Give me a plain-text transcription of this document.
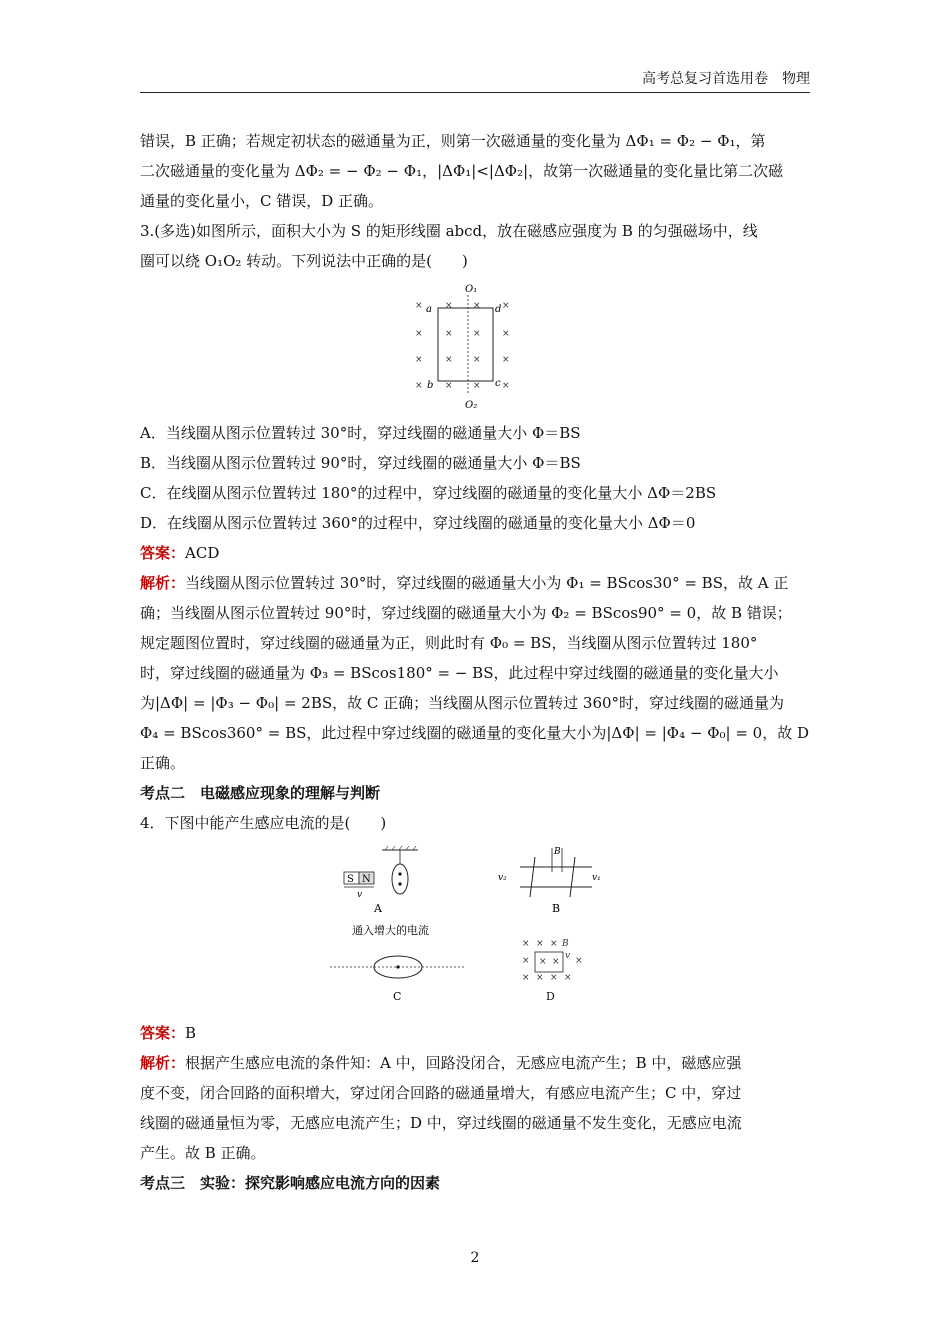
高考总复习首选用卷　物理

错误，B 正确；若规定初状态的磁通量为正，则第一次磁通量的变化量为 ΔΦ₁ = Φ₂ − Φ₁，第

二次磁通量的变化量为 ΔΦ₂ = − Φ₂ − Φ₁，|ΔΦ₁|<|ΔΦ₂|，故第一次磁通量的变化量比第二次磁

通量的变化量小，C 错误，D 正确。

3.(多选)如图所示，面积大小为 S 的矩形线圈 abcd，放在磁感应强度为 B 的匀强磁场中，线

圈可以绕 O₁O₂ 转动。下列说法中正确的是(　　)

O₁
a	d
b	c
O₂
× × × ×
× × × ×
× × × ×
× × × ×

A．当线圈从图示位置转过 30°时，穿过线圈的磁通量大小 Φ＝BS

B．当线圈从图示位置转过 90°时，穿过线圈的磁通量大小 Φ＝BS

C．在线圈从图示位置转过 180°的过程中，穿过线圈的磁通量的变化量大小 ΔΦ＝2BS

D．在线圈从图示位置转过 360°的过程中，穿过线圈的磁通量的变化量大小 ΔΦ＝0

答案：ACD

解析：当线圈从图示位置转过 30°时，穿过线圈的磁通量大小为 Φ₁ = BScos30° = BS，故 A 正

确；当线圈从图示位置转过 90°时，穿过线圈的磁通量大小为 Φ₂ = BScos90° = 0，故 B 错误；

规定题图位置时，穿过线圈的磁通量为正，则此时有 Φ₀ = BS，当线圈从图示位置转过 180°

时，穿过线圈的磁通量为 Φ₃ = BScos180° = − BS，此过程中穿过线圈的磁通量的变化量大小

为|ΔΦ| = |Φ₃ − Φ₀| = 2BS，故 C 正确；当线圈从图示位置转过 360°时，穿过线圈的磁通量为

Φ₄ = BScos360° = BS，此过程中穿过线圈的磁通量的变化量大小为|ΔΦ| = |Φ₄ − Φ₀| = 0，故 D

正确。

考点二　电磁感应现象的理解与判断

4．下图中能产生感应电流的是(　　)

S N
v
A
B
v₂	v₁
B
通入增大的电流
C
× × × B
× × ×
v ×
× × × ×
D

答案：B

解析：根据产生感应电流的条件知：A 中，回路没闭合，无感应电流产生；B 中，磁感应强

度不变，闭合回路的面积增大，穿过闭合回路的磁通量增大，有感应电流产生；C 中，穿过

线圈的磁通量恒为零，无感应电流产生；D 中，穿过线圈的磁通量不发生变化，无感应电流

产生。故 B 正确。

考点三　实验：探究影响感应电流方向的因素

2
